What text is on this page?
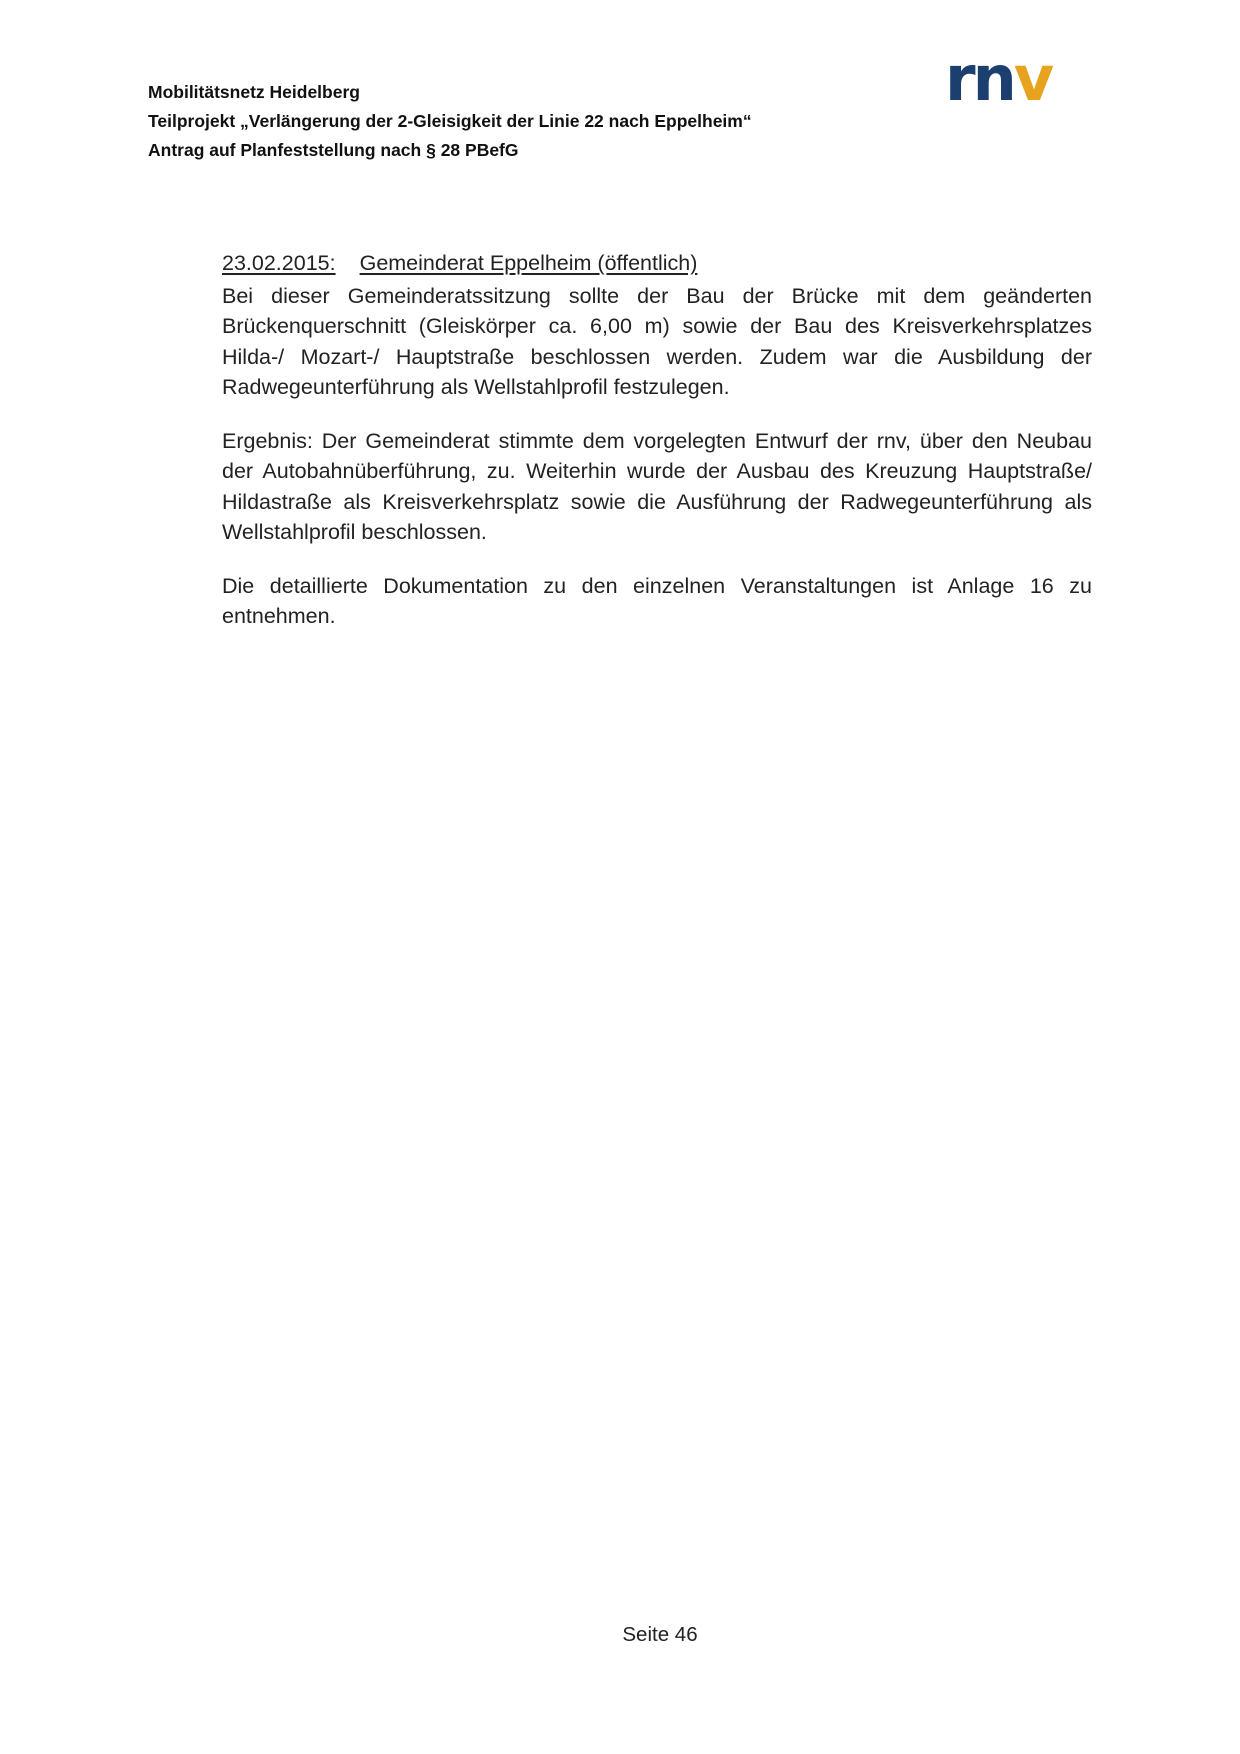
Mobilitätsnetz Heidelberg
Teilprojekt „Verlängerung der 2-Gleisigkeit der Linie 22 nach Eppelheim“
Antrag auf Planfeststellung nach § 28 PBefG
rnv
23.02.2015: Gemeinderat Eppelheim (öffentlich)

Bei dieser Gemeinderatssitzung sollte der Bau der Brücke mit dem geänderten Brückenquerschnitt (Gleiskörper ca. 6,00 m) sowie der Bau des Kreisverkehrsplatzes Hilda-/ Mozart-/ Hauptstraße beschlossen werden. Zudem war die Ausbildung der Radwegeunterführung als Wellstahlprofil festzulegen.

Ergebnis: Der Gemeinderat stimmte dem vorgelegten Entwurf der rnv, über den Neubau der Autobahnüberführung, zu. Weiterhin wurde der Ausbau des Kreuzung Hauptstraße/ Hildastraße als Kreisverkehrsplatz sowie die Ausführung der Radwegeunterführung als Wellstahlprofil beschlossen.

Die detaillierte Dokumentation zu den einzelnen Veranstaltungen ist Anlage 16 zu entnehmen.

Seite 46
